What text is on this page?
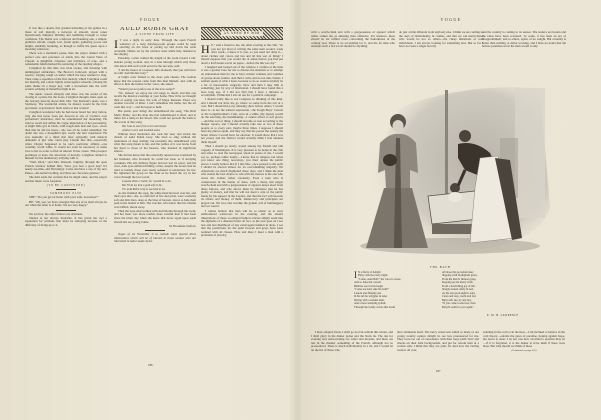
VOGUE

It was like a dream, that gradual unfolding of his genius in a maze of soft melody, a network of smooth, sweet tones mysteriously mingled, thrilling and trembling brought to sense confusion. The theme was a delicate and haunting one, a simple, plaintive refrain, caught, lost, found again, gathering power and height, suddenly breaking, as though to baffle the guest upon a mocking wind note.

There was a moment's pause, then the player dashed with a perfect care and precision of attack into the Grand Valse of Chopin. A delightful crispness and brilliance of tone, and a remarkable finish marked the rendering of the rippling allegro.

Creighton by this time was wide awake, and listening with unmitigated admiration. The Bocrovs followed, played with a resolve, forging rough on under which the keys seemed to sing. Then came a repetition of the first melody, which Creighton could not identify, and a short lightly extravagance wherein, echoing the same theme in a major key, with a movement like the swift ecstatic eddying of butterflies high in air.

The music ceased abruptly and there was the sound of the closing of a piano lid; the notes, Creighton thought, must open on the balcony directly above him. Mrs. Van Ransom's piano was a Steinway. The wonderful artiste, he mused, would be the little governess. A governess! Such talent as that wasted!

Creighton wondered why he had never heard her play before, why she had never been put forward at any of Cecilia's own performers' musicales; then he remembered her mourning. He tried to recall and define his vague impression of her personality. A slight little girl in black, with rough dark hair and eyes—more than that he did not know—she was all he could remember. No doubt she was a thoughtful girl, really she had considered. He was naturally of a mind that after sympathy with musical demands. A girl who could play Chopin like that—especially when Chopin happened to be one's particular affinity—one certainly worth while. It would not even be necessary to make love to her in order to find an interest in her career. This prospect promised, at least, the attraction of novelty. Creighton smiled to himself for his momentary dallying with it.

"Well, Dick," said Mrs. Ransom, brightly, through the open French window behind him, "have you had a good nap? It's nearly tea-time, and I'm hungry. Come and have a cup of my new Pekoe—the kettle's boiling, and there are chocolate galettes."

She held aside the curtains that he might enter, and the player and her music were forgotten.

(TO BE CONTINUED)

SOMEBODY ELSE

SHE: "Do you get on better with your wife, nowadays?"

HE: "Oh, yes; we have arranged that one of us shall always be out when the other is at home. We are very happy."

We are free; the other fellows are obstinate.

Silence is not always desirable. It has given the owl a reputation for wisdom, that must be annoying because of the difficulty of living up to it.

AULD ROBIN GRAY
A SCENE FROM LIFE
I T was a night in early June. Through the open French windows of a long drawing-room groups could be seen strolling on the lawn or pacing up and down the wide verandah. Others sat by the window seats while they listened to the singing.

Presently, a man walked the length of the room toward a tall, slender young woman, and, in a tone through which only those who knew him well could perceive the sarcasm, said:

"I am the bearer of a request, Mrs. Ransom, that you will favor us with 'Auld Robin Gray.'"

A bright color flamed to the clear, pale cheeks. The woman knew that the request came from that man himself, and, with an effort to hide the tremor in her voice, she asked:

"Would you not prefer one of the new songs?"

"No, indeed; we enjoy the old songs so much, and that one recalls the musical evenings at your home. How little we thought then of seeing you here, the wife of Major Ransom. There was another favorite of mine. I can't remember the name, but the air went this way"—and he began to hum.

But quick, poor thing! she remembered the song, 'The Rich Man's Bride,' and the man she had remembered it often, and at times felt a lump in her throat. She could not prevent the truth to the words of that song:

But 'twas to save from scorn and shame

A father's ears and troubled name

Without more hesitation she took her seat, and struck the chords of Auld Robin Gray. She tried to sing without the tenderness of deep feeling; but presently she remembered only what that song meant to her, and the pathos of it was borne from her heart to those of her hearers, who listened in significant silence.

She did not know that the outwardly reposed was overheard by her husband, who frowned; he could but look, as if studying costumes. His tall, military figure had not lost its grace; and his clear, dark eyes emitted thrilling a man, despite the severe that he tried to banish, those eyes rarely softened to tenderness for her. He tightened his grasp on the chair as he heard the cry in her voice through the last words:

I mauna think o' Jamie, for 'twould be a sin,

But I'll do my best a guid wife to be,

For auld Robin Gray is sae kind to me.

As she finished the song, the white hand hovered over her, and their eyes met—his, as often full of fire and pride, were womanly soft and dim; hers, deep as the blue of heaven, strove to hide their pain in the leaded at him. The watcher, who knew that his scheme was baffled, shook away.

Then the tone-deaf walked with Auld Robin through the room, and her heart was more restful, more trustful than it had been since the bitter day when she knew that never again upon earth should she see young Jamie.

M. Broadbent-Sanford.

Vogue of 1st November is to contain some special dress illustrations which will be of interest to those women who are interested in tailor-made styles.

AS SEEN BY HIM
H E," said a friend to me, the other evening at the club, "do you not get tired of writing the same item around, week after week—I know it is you, so you need not deny it—about clothes and colors and ties and all that sort of thing? I should suppose that you would die of ennui before you had put down a half dozen words on paper—before the ink was dry."

I laughed and looked out of the window. I confess at the time it was a greater bore for me to discuss the situation or to attempt an explanation than for me to have written volumes and volumes of gossip about clothes. And then I write and do not talk clothes. I seldom speak of what I learn, because to do so would certainly be a bit of inexcusable vulgarity. Now and then I may hint at something, just by way of illustration. I should have found this a bore long ago, if I did not find that I have a mission to accomplish. I think that I am cut out for a political campaign.

I should really like to see Congress so thinking of this kind, and I should not have me go where so some front the tail of a coat. But I should have my amusing show before others. I would have it—is not the earliest expression—the Tough Boys' Cotrole or the Longshoremen's Club, once in a while. My deputy would do the selecting, the handshaking—I cannot afford to soil gloves—and that sort of thing. I should become so true according to the hunger reports, and I should actually take one or two of these people as to every part, maybe three times. I suppose I should have my photos again, and they say that the poorer the quality the better chance I would have for election. It would show that I was not proud, and the fellows would actually think I had smoked them myself.

Then I should go nearly crazed among my friends and talk vaguely of Washington. It is very pleasant to be home in the club and other to read the newspaper about in praise of me. I would say so, perhaps rather loudly—I know that in religion, but when you know one thing, nowadays, you must amuse the public places. I really believe that if I met Mac, once pressed to the polls I should be elected almost for an overwhelming majority. We Americans are much frightened these days, and I think the man who stands the best chance to win with the masses is the one who wears his clothes rather carelessly. Even a man who is conspicuous in the matter of dress, with a cheap and vulgar watch-chain and with a gorgeousness of apparel, keeps aloof from those fellows, and who shows them by inference that he has plenty of money, and that he will not need a cent of the public funds for his support in the Capitol, and that the fact will become its efforts and money of them. Democracy and principles are played out. We love and worship the golden calf of humbuggery and we want it.

I cannot believe that men will be so idiotic as to wear embroidered waistcoats in the evening, and the absurd illustrations of these so-alleged fashion articles simply seem like the figments of a diseased brain. In fact, as the year goes on I see less and less likelihood of any extravagant fashion in dress. I see that my predictions for the quiet browns and grays have been realized with all classes. Here and there I meet a man with a profusion of jewelry,

186
VOGUE

with a watch-chain and with a gorgeousness of apparel which rather strikes me as amusing than offensive. For instance, there should be six ruffled coats concerning the buttonholes of the coming year. There is no accounting for it, and the fat man who attempts such a fad is lost should be anything.

do just a little different from anybody else. I think we are coming to the days of individuality in clothes, and that we can mend these who would be not so others—the cheap imitations of real individuals. I am always looking for something new. But so far I have not seen a single novelty

and the country is coming to its senses. The leaders are beaten and the ideas have been scattered. To some, it has been an era of disappointment; and to others, again, of no weight. But actuality is better than nothing. A dollar working, and I have no doubt that the hollow promises set in the man would it only

THE BATH
I N a flurry of delight
Baby calls me every night;
"Come, Aunt Bell!" his voice is sweet,
And so innocent conceit
Bubbles over in his laugh.
"Come see baby take his bath!"
Lissom and flinging one
In his tub he wriggles in tune;
Diving with a sudden dash,
And a most tempting splash,
Through the foamy waves that break
All about his porcelain lake;
Slipping with triumphant grace,
From the maid's firmest grasp,
Keeping up the merry strife
From a bewitching joy of life.
Snugly tucked safely in bed,
As the last good-night is said,
Clean and rosy, warm and fed,
Baby tells me, by and bye,
"If you come to-morrow, then
Baby'll swim for you again."
E. M. H. LAWRENCE

I have adopted black. I shall go not but seldom this winter, and I shall glory in the dinner jacket and the black tie. The ties for evening and semi-evening are wider and broader, and there are ties in the manner something of the French, although not so pronounced. There is much individuality in a tie, and I would be on the list of those who

that commends itself. The fancy waistcoats which so many of our young country squires delight in, are less pronounced for me. They were too out of consonance with their large plaid 'bars' and checks on their dark backgrounds, and put for certain men of a certain style I think that they are quite fit. And now the curling week is all over,

standing in the cold or in the heat—I am inclined to believe in the cold theory—outside the gates of paradise, hoping against hope, but never to enter. I do not care how wretched a position may be—if it is forgotten, it is the maker to have them if there were hope. But why should we think of these

(Continued on page 191)

187
